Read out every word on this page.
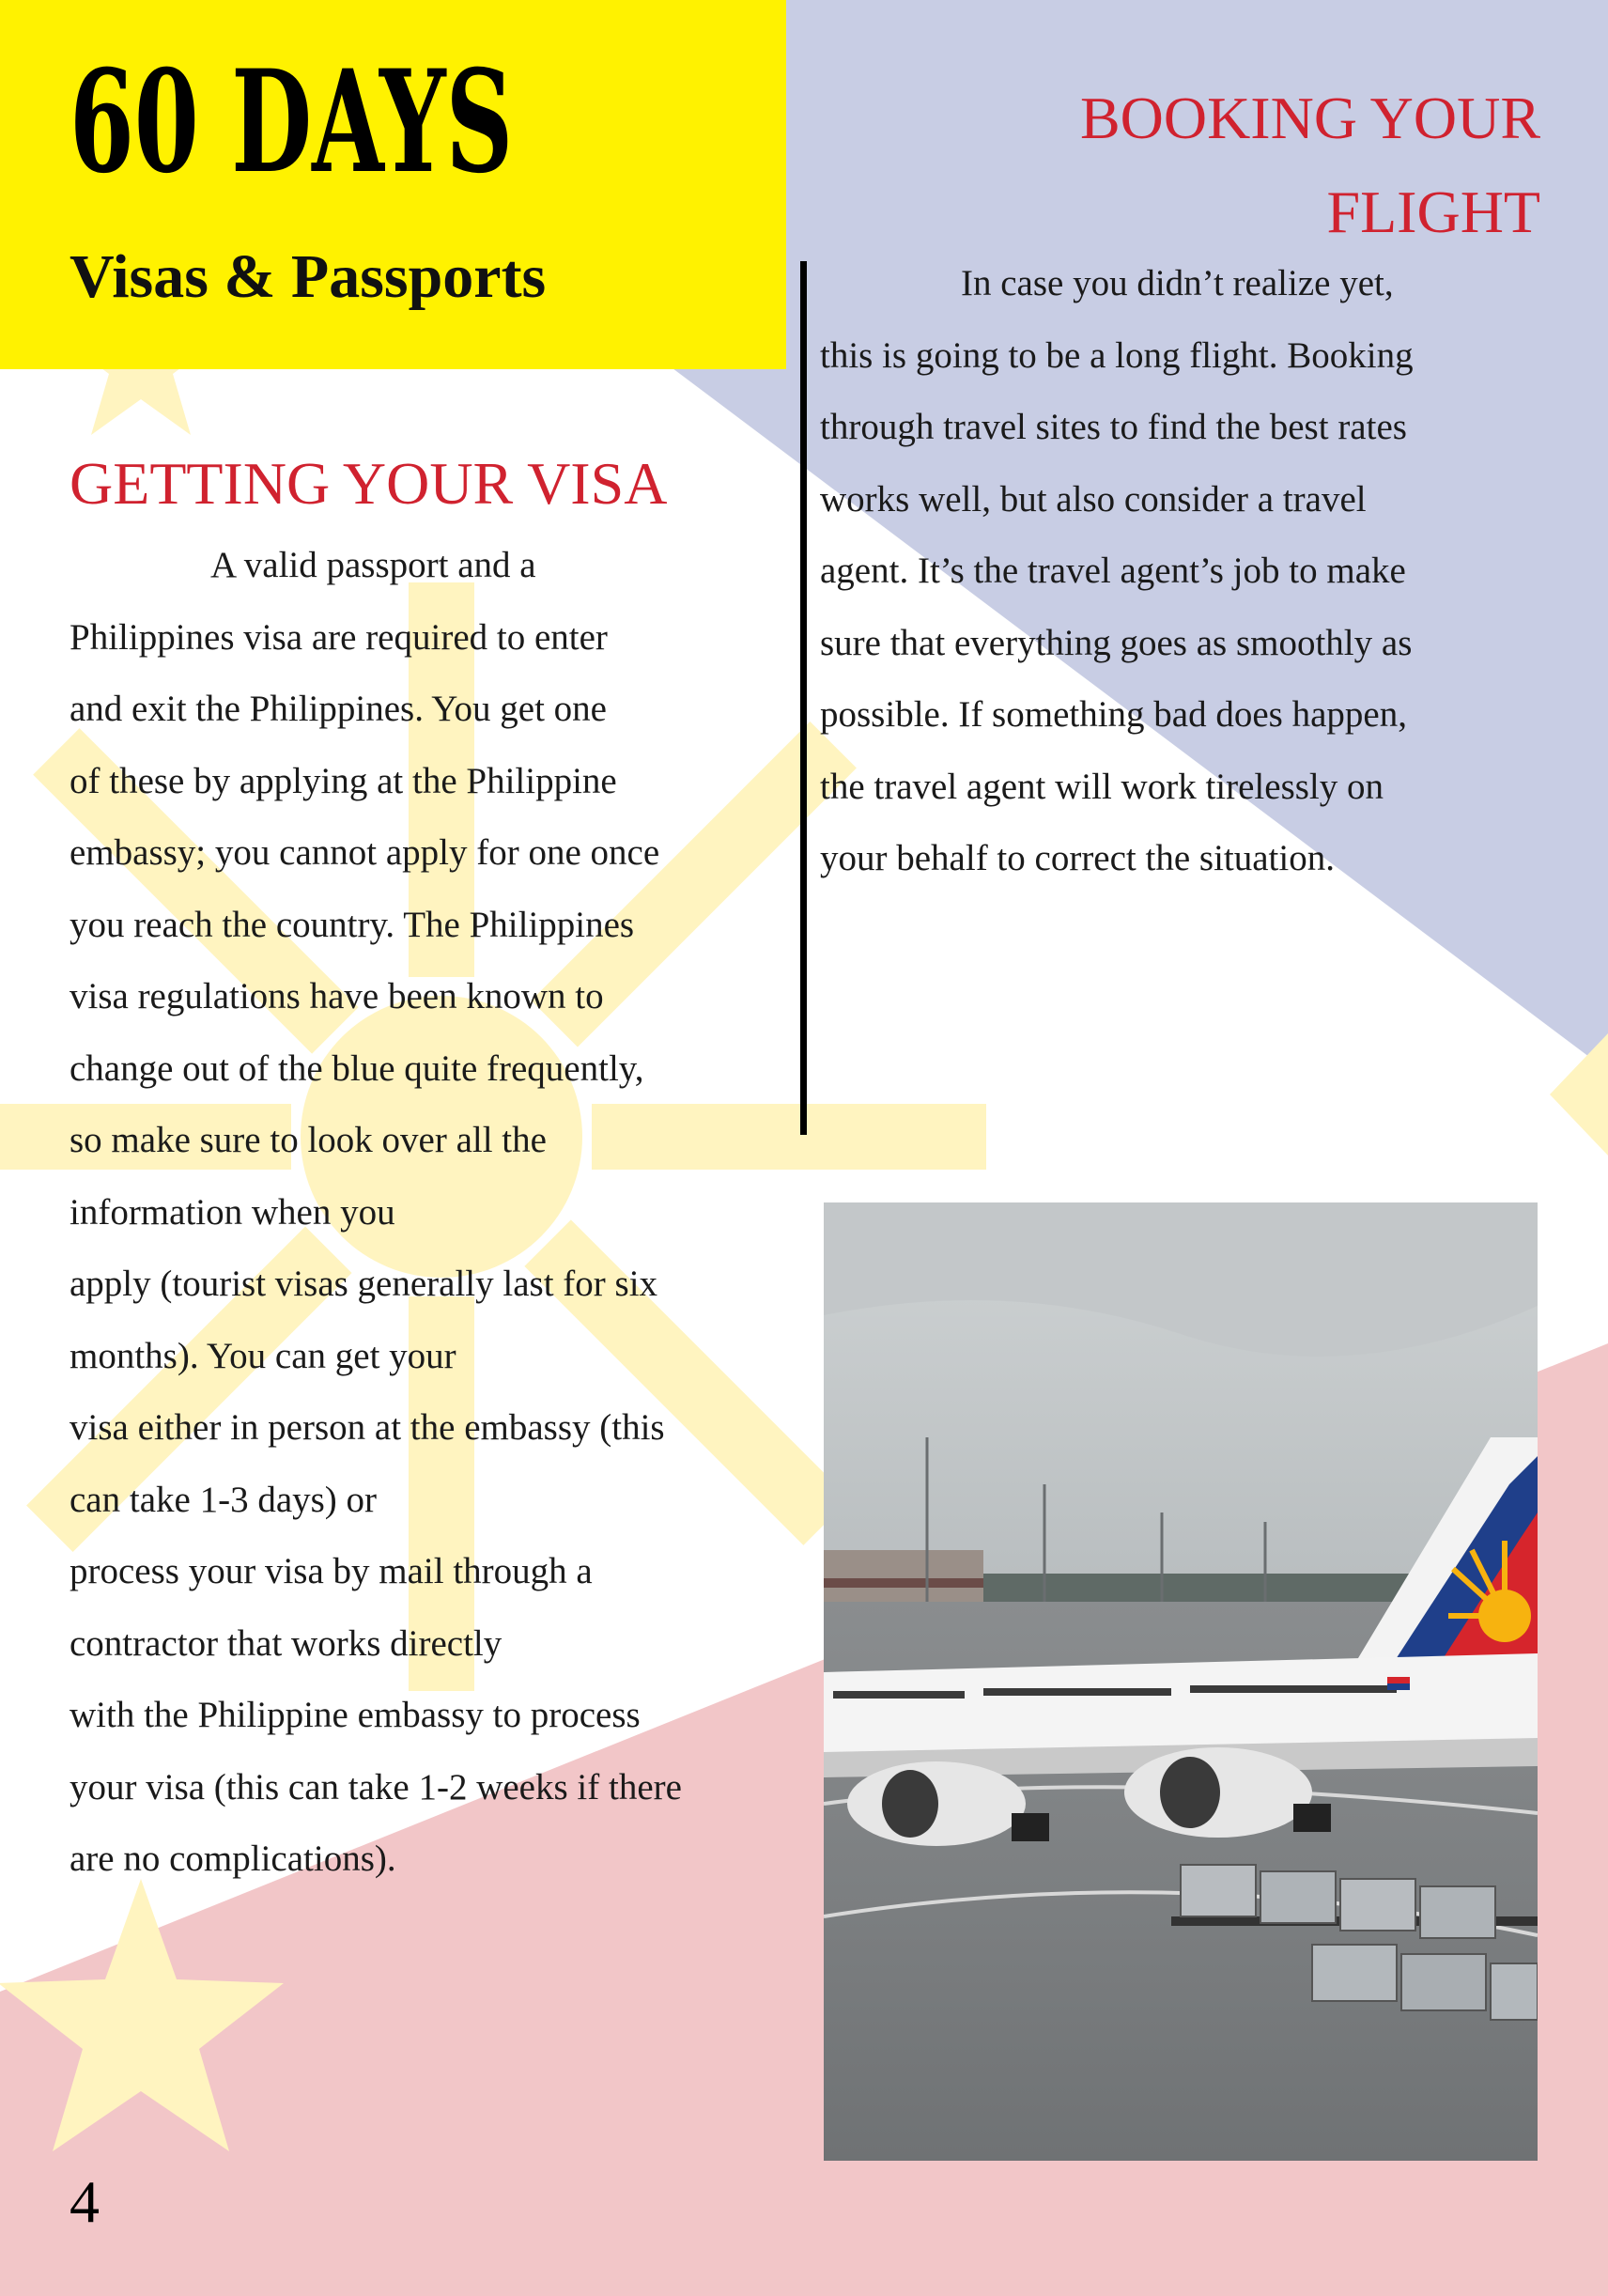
60 DAYS
Visas & Passports
GETTING YOUR VISA
A valid passport and a
Philippines visa are required to enter
and exit the Philippines. You get one
of these by applying at the Philippine
embassy; you cannot apply for one once
you reach the country. The Philippines
visa regulations have been known to
change out of the blue quite frequently,
so make sure to look over all the
information when you
apply (tourist visas generally last for six
months). You can get your
visa either in person at the embassy (this
can take 1-3 days) or
process your visa by mail through a
contractor that works directly
with the Philippine embassy to process
your visa (this can take 1-2 weeks if there
are no complications).
BOOKING YOUR
FLIGHT
In case you didn’t realize yet,
this is going to be a long flight. Booking
through travel sites to find the best rates
works well, but also consider a travel
agent. It’s the travel agent’s job to make
sure that everything goes as smoothly as
possible. If something bad does happen,
the travel agent will work tirelessly on
your behalf to correct the situation.

4
